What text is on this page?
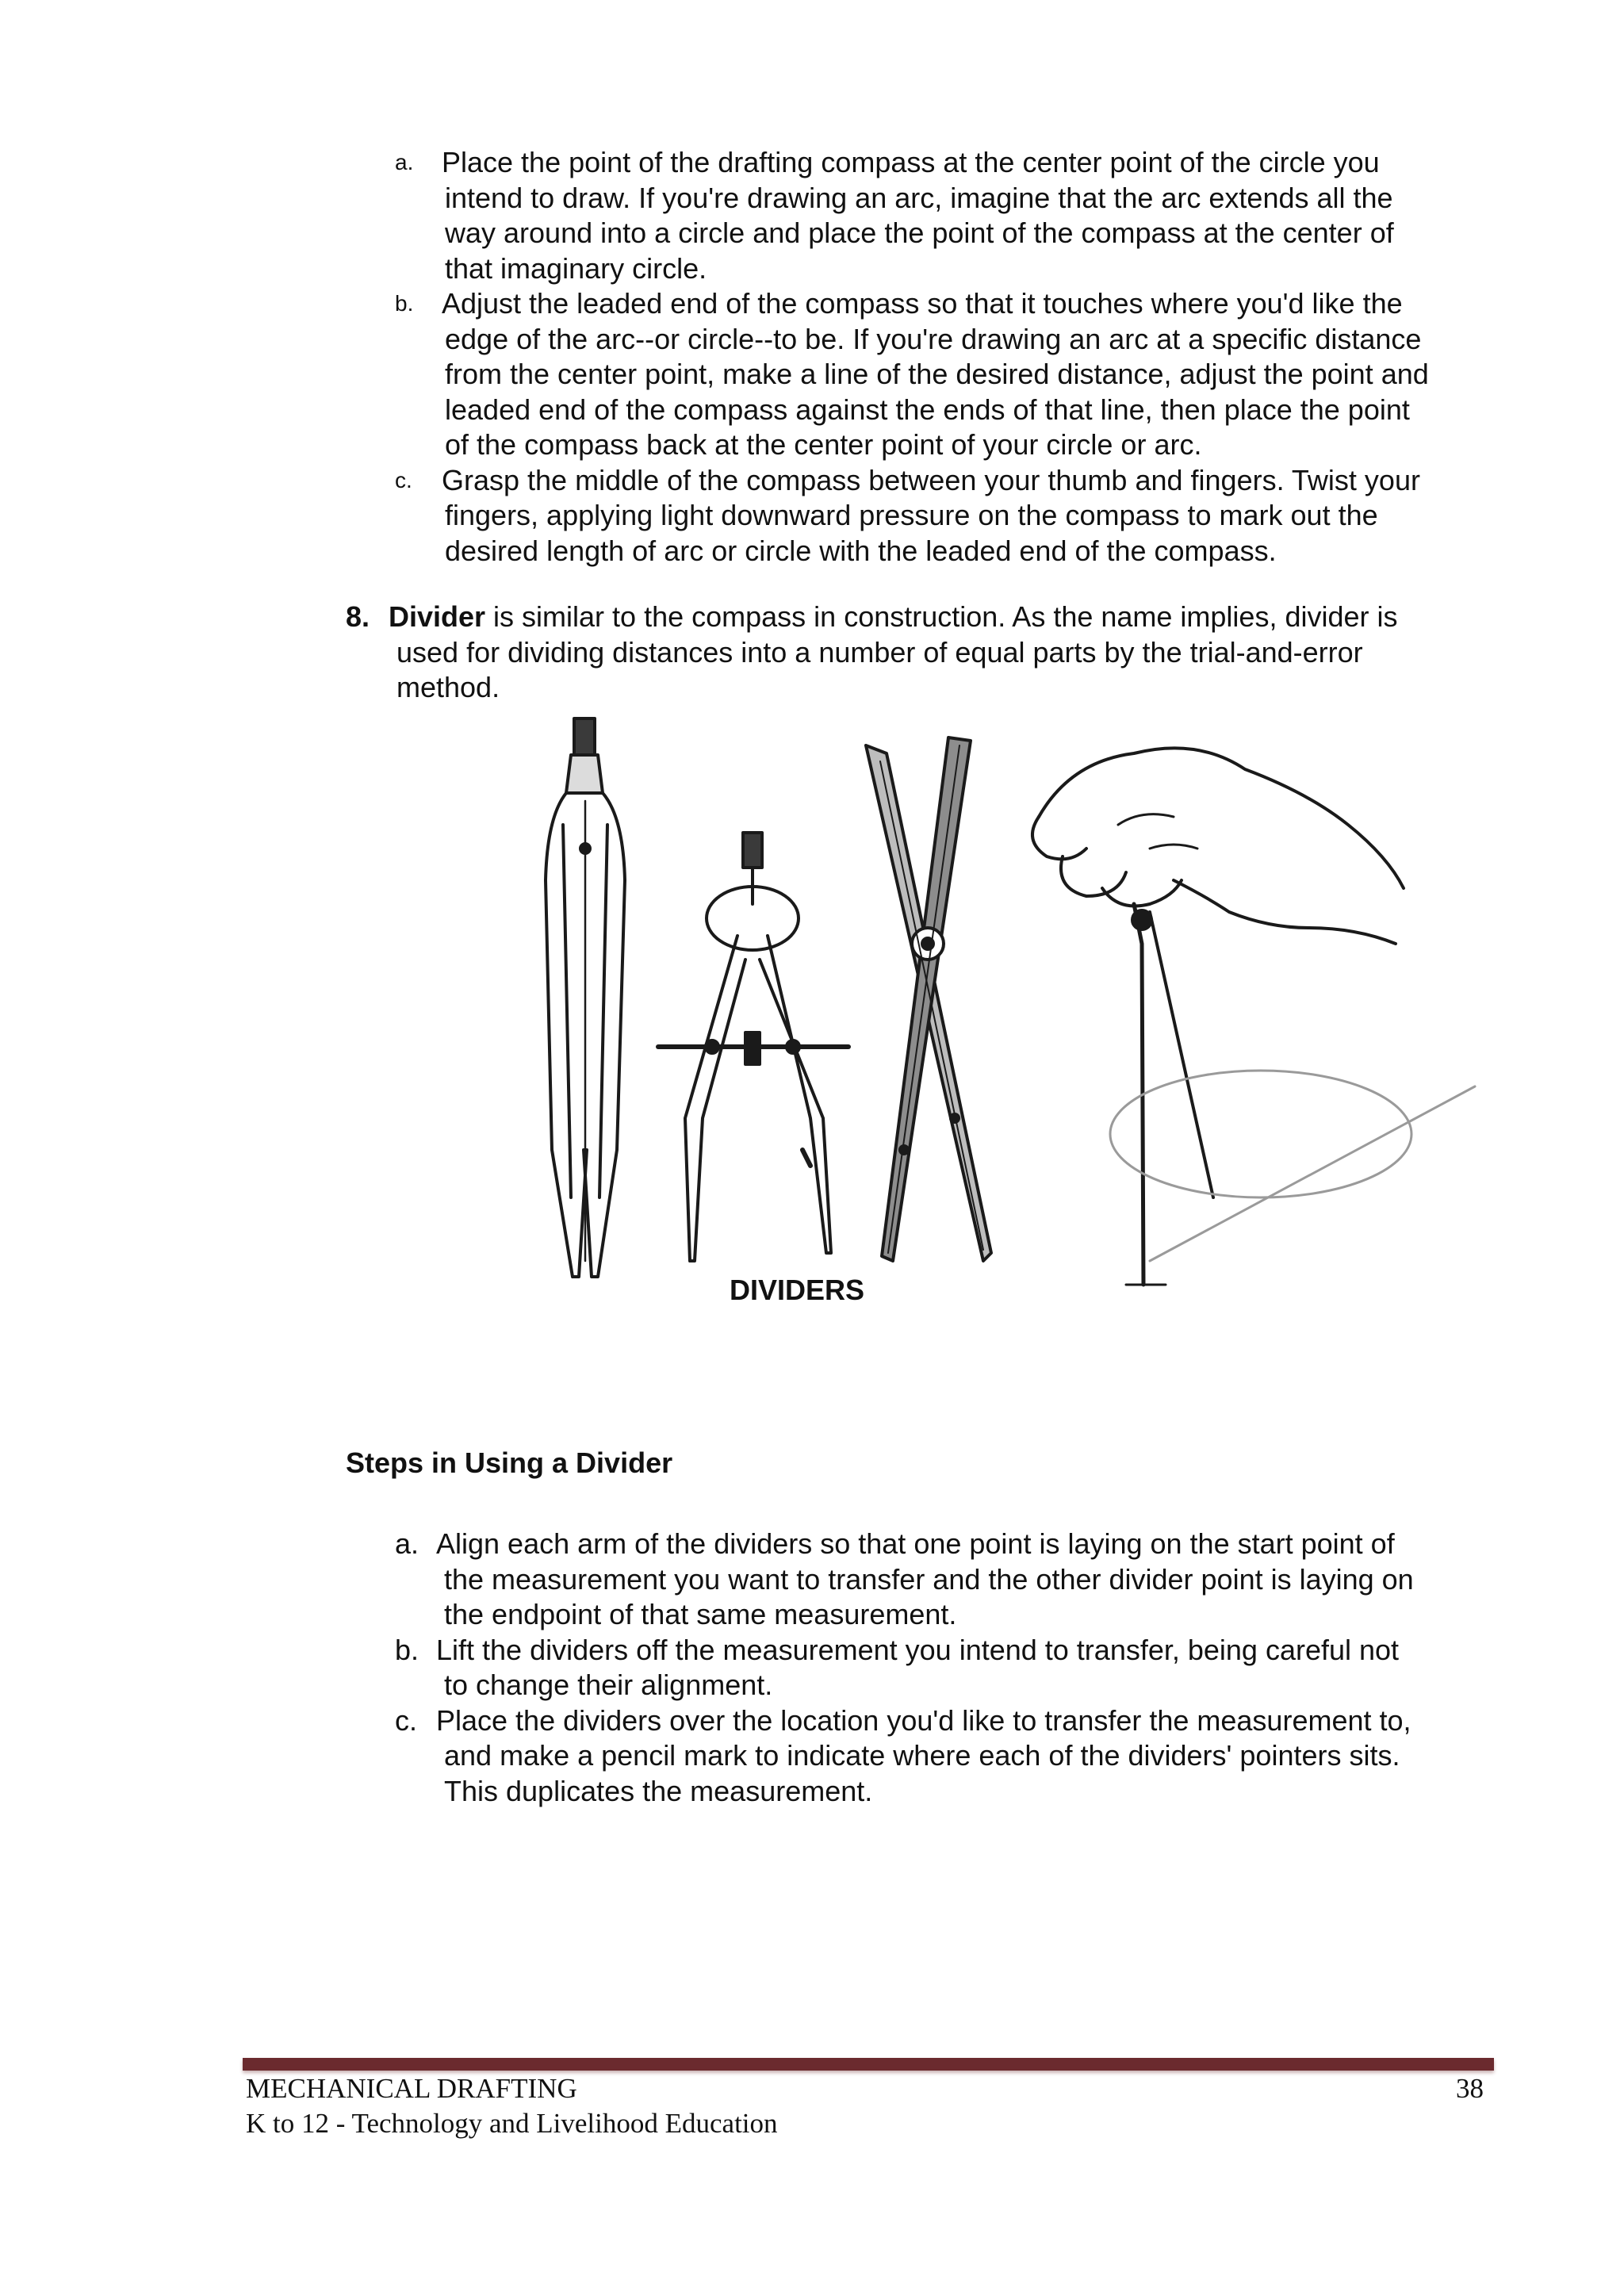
a. Place the point of the drafting compass at the center point of the circle you
intend to draw. If you're drawing an arc, imagine that the arc extends all the
way around into a circle and place the point of the compass at the center of
that imaginary circle.
b. Adjust the leaded end of the compass so that it touches where you'd like the
edge of the arc--or circle--to be. If you're drawing an arc at a specific distance
from the center point, make a line of the desired distance, adjust the point and
leaded end of the compass against the ends of that line, then place the point
of the compass back at the center point of your circle or arc.
c. Grasp the middle of the compass between your thumb and fingers. Twist your
fingers, applying light downward pressure on the compass to mark out the
desired length of arc or circle with the leaded end of the compass.
8. Divider is similar to the compass in construction. As the name implies, divider is
used for dividing distances into a number of equal parts by the trial-and-error
method.
DIVIDERS
Steps in Using a Divider
a. Align each arm of the dividers so that one point is laying on the start point of
the measurement you want to transfer and the other divider point is laying on
the endpoint of that same measurement.
b. Lift the dividers off the measurement you intend to transfer, being careful not
to change their alignment.
c. Place the dividers over the location you'd like to transfer the measurement to,
and make a pencil mark to indicate where each of the dividers' pointers sits.
This duplicates the measurement.
MECHANICAL DRAFTING
K to 12 - Technology and Livelihood Education
38
